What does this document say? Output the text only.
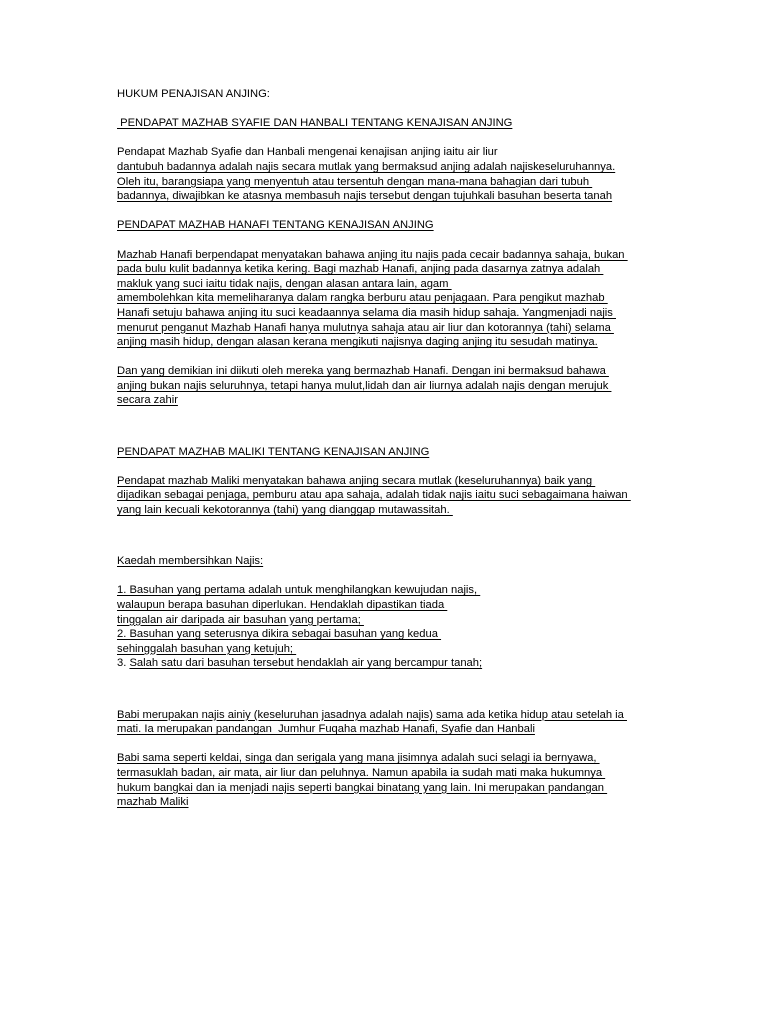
HUKUM PENAJISAN ANJING:
PENDAPAT MAZHAB SYAFIE DAN HANBALI TENTANG KENAJISAN ANJING
Pendapat Mazhab Syafie dan Hanbali mengenai kenajisan anjing iaitu air liur
dantubuh badannya adalah najis secara mutlak yang bermaksud anjing adalah najiskeseluruhannya.
Oleh itu, barangsiapa yang menyentuh atau tersentuh dengan mana-mana bahagian dari tubuh
badannya, diwajibkan ke atasnya membasuh najis tersebut dengan tujuhkali basuhan beserta tanah
PENDAPAT MAZHAB HANAFI TENTANG KENAJISAN ANJING
Mazhab Hanafi berpendapat menyatakan bahawa anjing itu najis pada cecair badannya sahaja, bukan
pada bulu kulit badannya ketika kering. Bagi mazhab Hanafi, anjing pada dasarnya zatnya adalah
makluk yang suci iaitu tidak najis, dengan alasan antara lain, agam
amembolehkan kita memeliharanya dalam rangka berburu atau penjagaan. Para pengikut mazhab
Hanafi setuju bahawa anjing itu suci keadaannya selama dia masih hidup sahaja. Yangmenjadi najis
menurut penganut Mazhab Hanafi hanya mulutnya sahaja atau air liur dan kotorannya (tahi) selama
anjing masih hidup, dengan alasan kerana mengikuti najisnya daging anjing itu sesudah matinya.
Dan yang demikian ini diikuti oleh mereka yang bermazhab Hanafi. Dengan ini bermaksud bahawa
anjing bukan najis seluruhnya, tetapi hanya mulut,lidah dan air liurnya adalah najis dengan merujuk
secara zahir
PENDAPAT MAZHAB MALIKI TENTANG KENAJISAN ANJING
Pendapat mazhab Maliki menyatakan bahawa anjing secara mutlak (keseluruhannya) baik yang
dijadikan sebagai penjaga, pemburu atau apa sahaja, adalah tidak najis iaitu suci sebagaimana haiwan
yang lain kecuali kekotorannya (tahi) yang dianggap mutawassitah.
Kaedah membersihkan Najis:
1. Basuhan yang pertama adalah untuk menghilangkan kewujudan najis,
walaupun berapa basuhan diperlukan. Hendaklah dipastikan tiada
tinggalan air daripada air basuhan yang pertama;
2. Basuhan yang seterusnya dikira sebagai basuhan yang kedua
sehinggalah basuhan yang ketujuh;
3. Salah satu dari basuhan tersebut hendaklah air yang bercampur tanah;
Babi merupakan najis ainiy (keseluruhan jasadnya adalah najis) sama ada ketika hidup atau setelah ia
mati. Ia merupakan pandangan  Jumhur Fuqaha mazhab Hanafi, Syafie dan Hanbali
Babi sama seperti keldai, singa dan serigala yang mana jisimnya adalah suci selagi ia bernyawa,
termasuklah badan, air mata, air liur dan peluhnya. Namun apabila ia sudah mati maka hukumnya
hukum bangkai dan ia menjadi najis seperti bangkai binatang yang lain. Ini merupakan pandangan
mazhab Maliki
